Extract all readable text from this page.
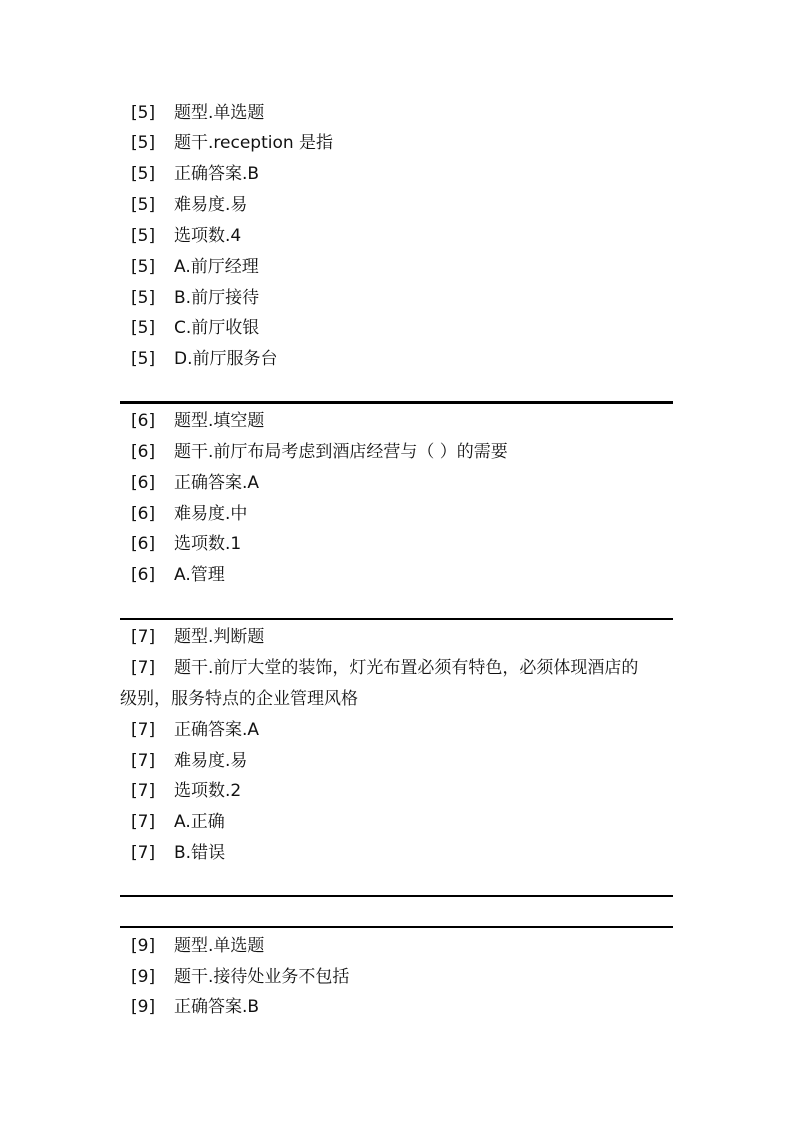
[5] 题型.单选题
[5] 题干.reception 是指
[5] 正确答案.B
[5] 难易度.易
[5] 选项数.4
[5] A.前厅经理
[5] B.前厅接待
[5] C.前厅收银
[5] D.前厅服务台
[6] 题型.填空题
[6] 题干.前厅布局考虑到酒店经营与（ ）的需要
[6] 正确答案.A
[6] 难易度.中
[6] 选项数.1
[6] A.管理
[7] 题型.判断题
[7] 题干.前厅大堂的装饰，灯光布置必须有特色，必须体现酒店的
级别，服务特点的企业管理风格
[7] 正确答案.A
[7] 难易度.易
[7] 选项数.2
[7] A.正确
[7] B.错误
[9] 题型.单选题
[9] 题干.接待处业务不包括
[9] 正确答案.B
